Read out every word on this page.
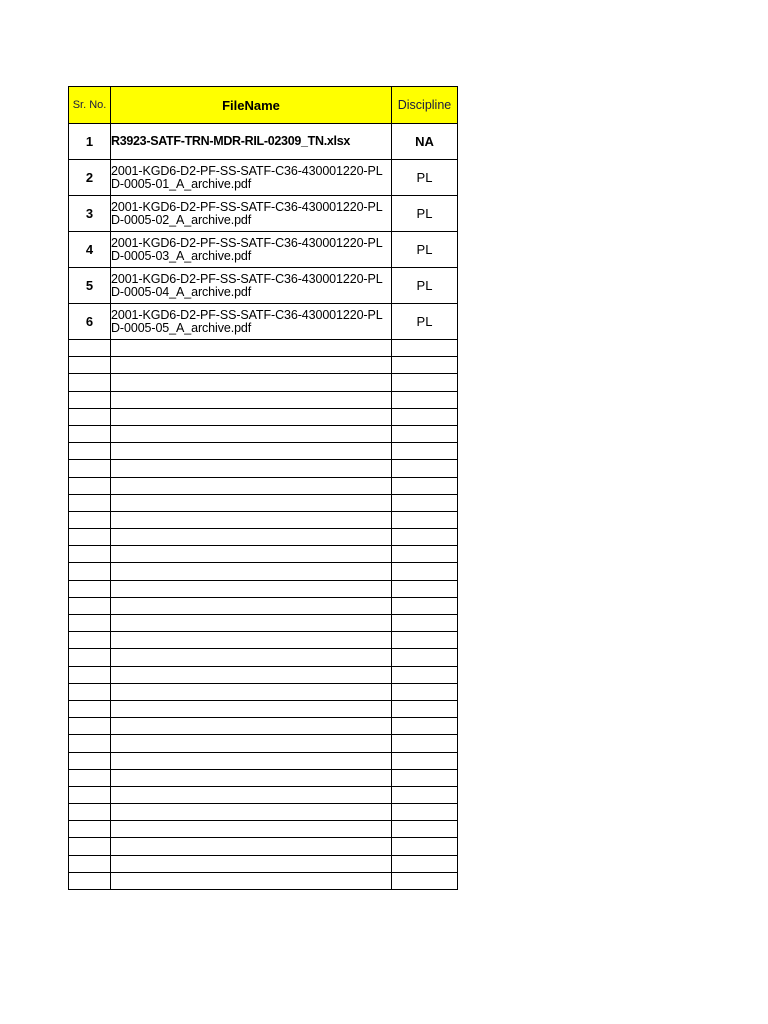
Sr. No.	FileName	Discipline
1	R3923-SATF-TRN-MDR-RIL-02309_TN.xlsx	NA
2	2001-KGD6-D2-PF-SS-SATF-C36-430001220-PLD-0005-01_A_archive.pdf	PL
3	2001-KGD6-D2-PF-SS-SATF-C36-430001220-PLD-0005-02_A_archive.pdf	PL
4	2001-KGD6-D2-PF-SS-SATF-C36-430001220-PLD-0005-03_A_archive.pdf	PL
5	2001-KGD6-D2-PF-SS-SATF-C36-430001220-PLD-0005-04_A_archive.pdf	PL
6	2001-KGD6-D2-PF-SS-SATF-C36-430001220-PLD-0005-05_A_archive.pdf	PL
